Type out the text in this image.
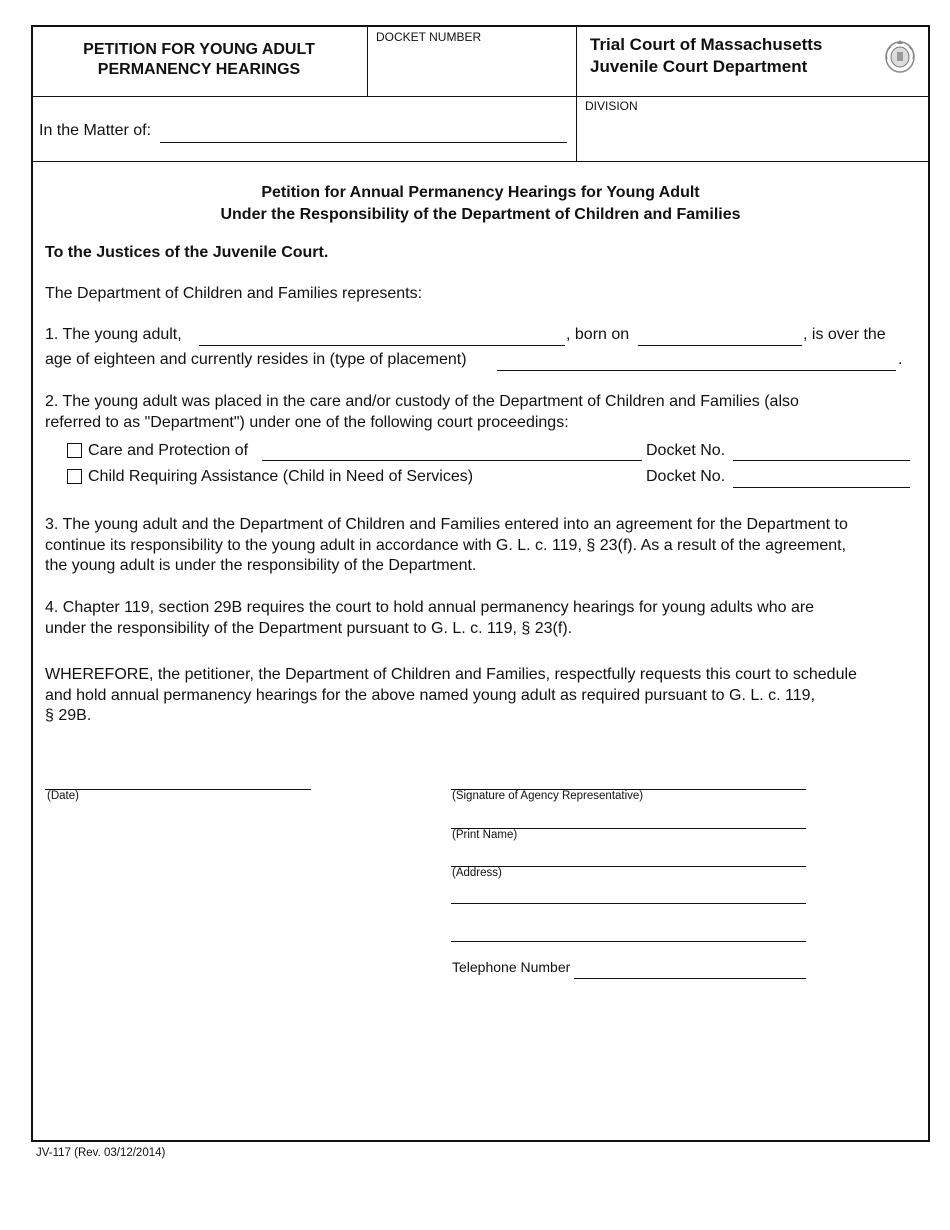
PETITION FOR YOUNG ADULT
PERMANENCY HEARINGS
DOCKET NUMBER	Trial Court of Massachusetts
Juvenile Court Department
In the Matter of:
DIVISION
Petition for Annual Permanency Hearings for Young Adult
Under the Responsibility of the Department of Children and Families
To the Justices of the Juvenile Court.
The Department of Children and Families represents:
1. The young adult,	, born on	, is over the
age of eighteen and currently resides in (type of placement)	.
2. The young adult was placed in the care and/or custody of the Department of Children and Families (also
referred to as "Department") under one of the following court proceedings:
Care and Protection of	Docket No.
Child Requiring Assistance (Child in Need of Services)	Docket No.
3. The young adult and the Department of Children and Families entered into an agreement for the Department to
continue its responsibility to the young adult in accordance with G. L. c. 119, § 23(f). As a result of the agreement,
the young adult is under the responsibility of the Department.
4. Chapter 119, section 29B requires the court to hold annual permanency hearings for young adults who are
under the responsibility of the Department pursuant to G. L. c. 119, § 23(f).
WHEREFORE, the petitioner, the Department of Children and Families, respectfully requests this court to schedule
and hold annual permanency hearings for the above named young adult as required pursuant to G. L. c. 119,
§ 29B.
(Date)	(Signature of Agency Representative)
(Print Name)
(Address)
Telephone Number
JV-117 (Rev. 03/12/2014)
